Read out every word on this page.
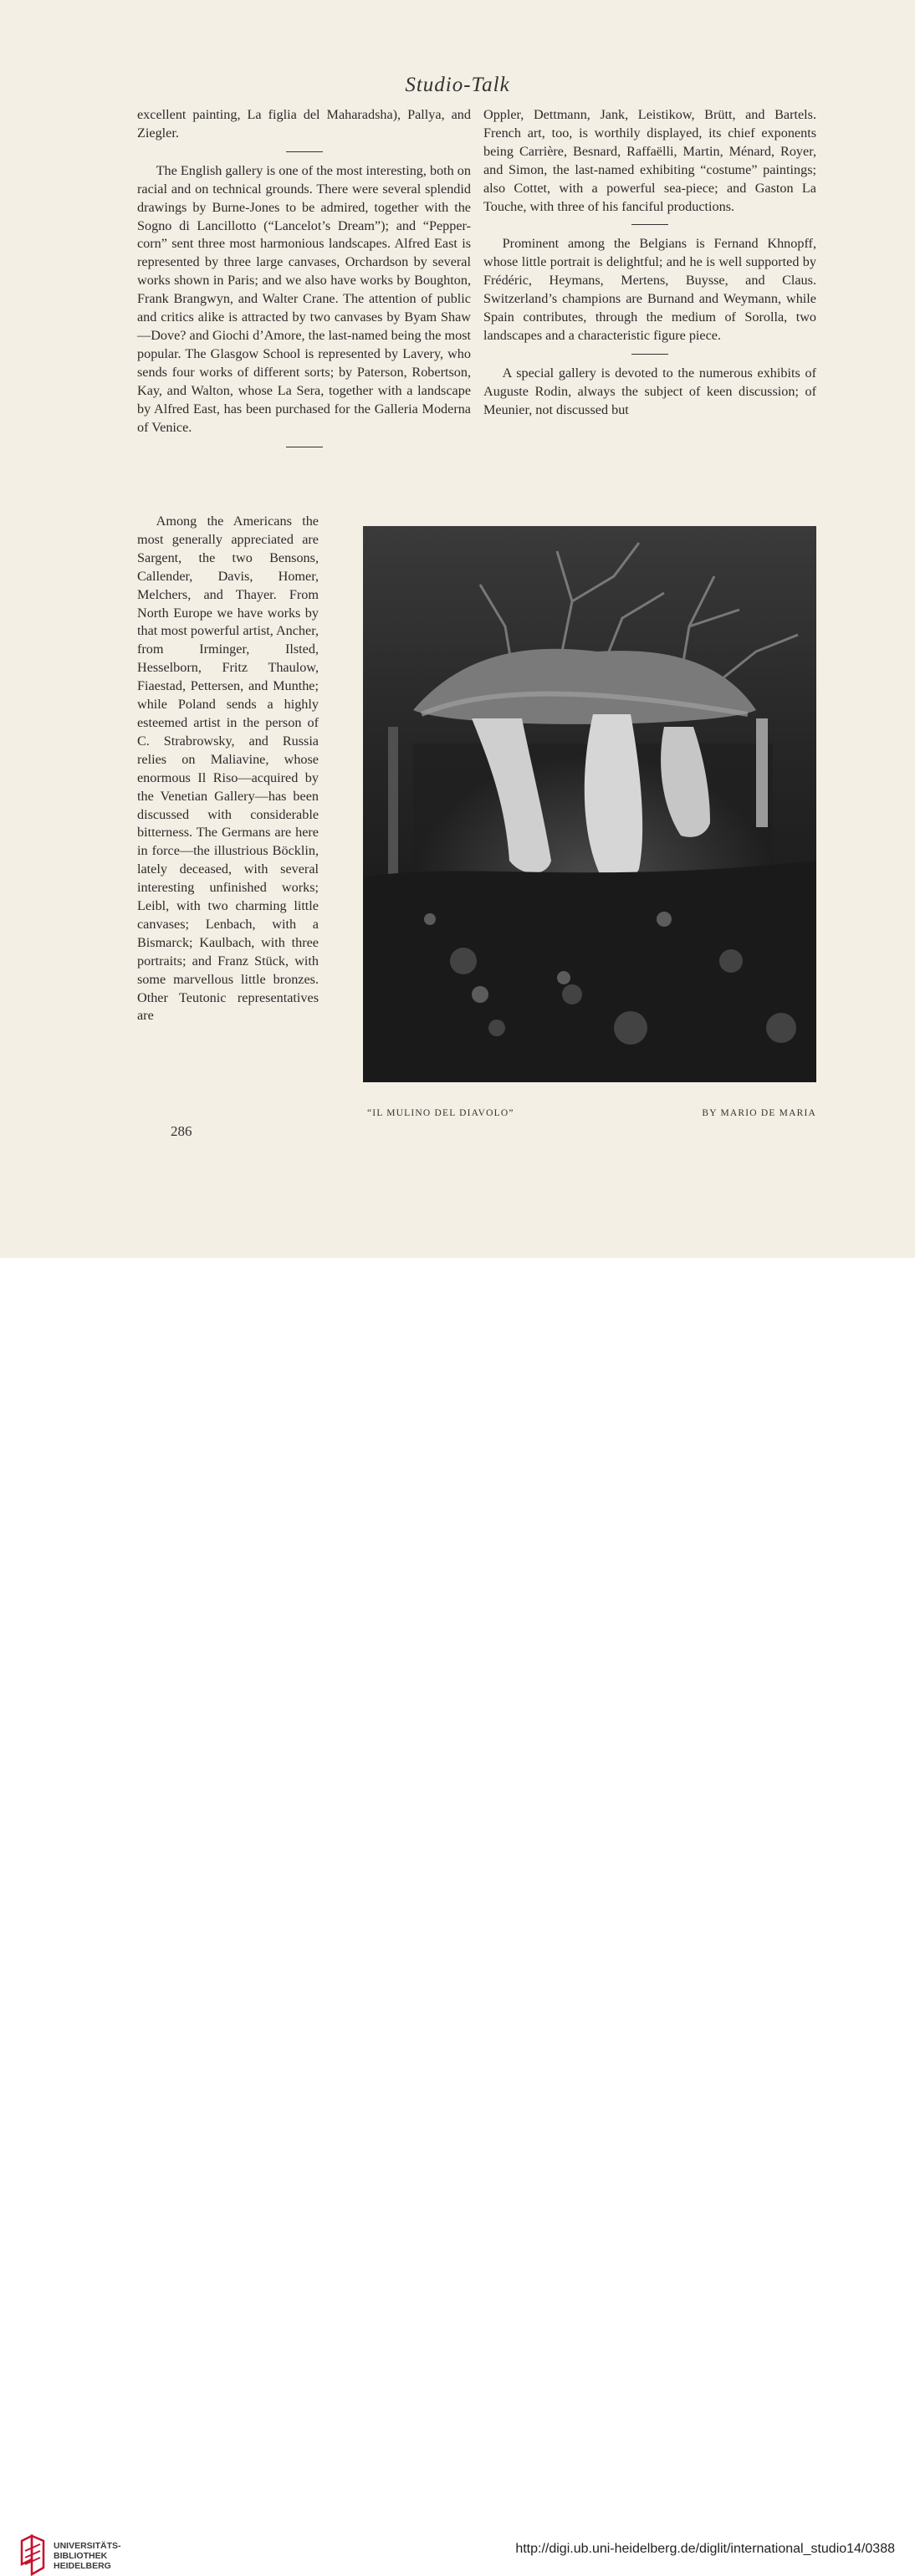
Studio-Talk

excellent painting, La figlia del Maharadsha), Pallya, and Ziegler.

The English gallery is one of the most interesting, both on racial and on technical grounds. There were several splendid drawings by Burne-Jones to be admired, together with the Sogno di Lancillotto (“Lancelot’s Dream”); and “Pepper-corn” sent three most harmonious landscapes. Alfred East is represented by three large canvases, Orchardson by several works shown in Paris; and we also have works by Boughton, Frank Brangwyn, and Walter Crane. The attention of public and critics alike is attracted by two canvases by Byam Shaw—Dove? and Giochi d’Amore, the last-named being the most popular. The Glasgow School is represented by Lavery, who sends four works of different sorts; by Paterson, Robertson, Kay, and Walton, whose La Sera, together with a landscape by Alfred East, has been purchased for the Galleria Moderna of Venice.

Among the Americans the most generally appreciated are Sargent, the two Bensons, Callender, Davis, Homer, Melchers, and Thayer. From North Europe we have works by that most powerful artist, Ancher, from Irminger, Ilsted, Hesselborn, Fritz Thaulow, Fiaestad, Pettersen, and Munthe; while Poland sends a highly esteemed artist in the person of C. Strabrowsky, and Russia relies on Maliavine, whose enormous Il Riso—acquired by the Venetian Gallery—has been discussed with considerable bitterness. The Germans are here in force—the illustrious Böcklin, lately deceased, with several interesting unfinished works; Leibl, with two charming little canvases; Lenbach, with a Bismarck; Kaulbach, with three portraits; and Franz Stück, with some marvellous little bronzes. Other Teutonic representatives are

Oppler, Dettmann, Jank, Leistikow, Brütt, and Bartels. French art, too, is worthily displayed, its chief exponents being Carrière, Besnard, Raffaëlli, Martin, Ménard, Royer, and Simon, the last-named exhibiting “costume” paintings; also Cottet, with a powerful sea-piece; and Gaston La Touche, with three of his fanciful productions.

Prominent among the Belgians is Fernand Khnopff, whose little portrait is delightful; and he is well supported by Frédéric, Heymans, Mertens, Buysse, and Claus. Switzerland’s champions are Burnand and Weymann, while Spain contributes, through the medium of Sorolla, two landscapes and a characteristic figure piece.

A special gallery is devoted to the numerous exhibits of Auguste Rodin, always the subject of keen discussion; of Meunier, not discussed but

“IL MULINO DEL DIAVOLO”	BY MARIO DE MARIA
286
UNIVERSITÄTS-
BIBLIOTHEK
HEIDELBERG
http://digi.ub.uni-heidelberg.de/diglit/international_studio14/0388
